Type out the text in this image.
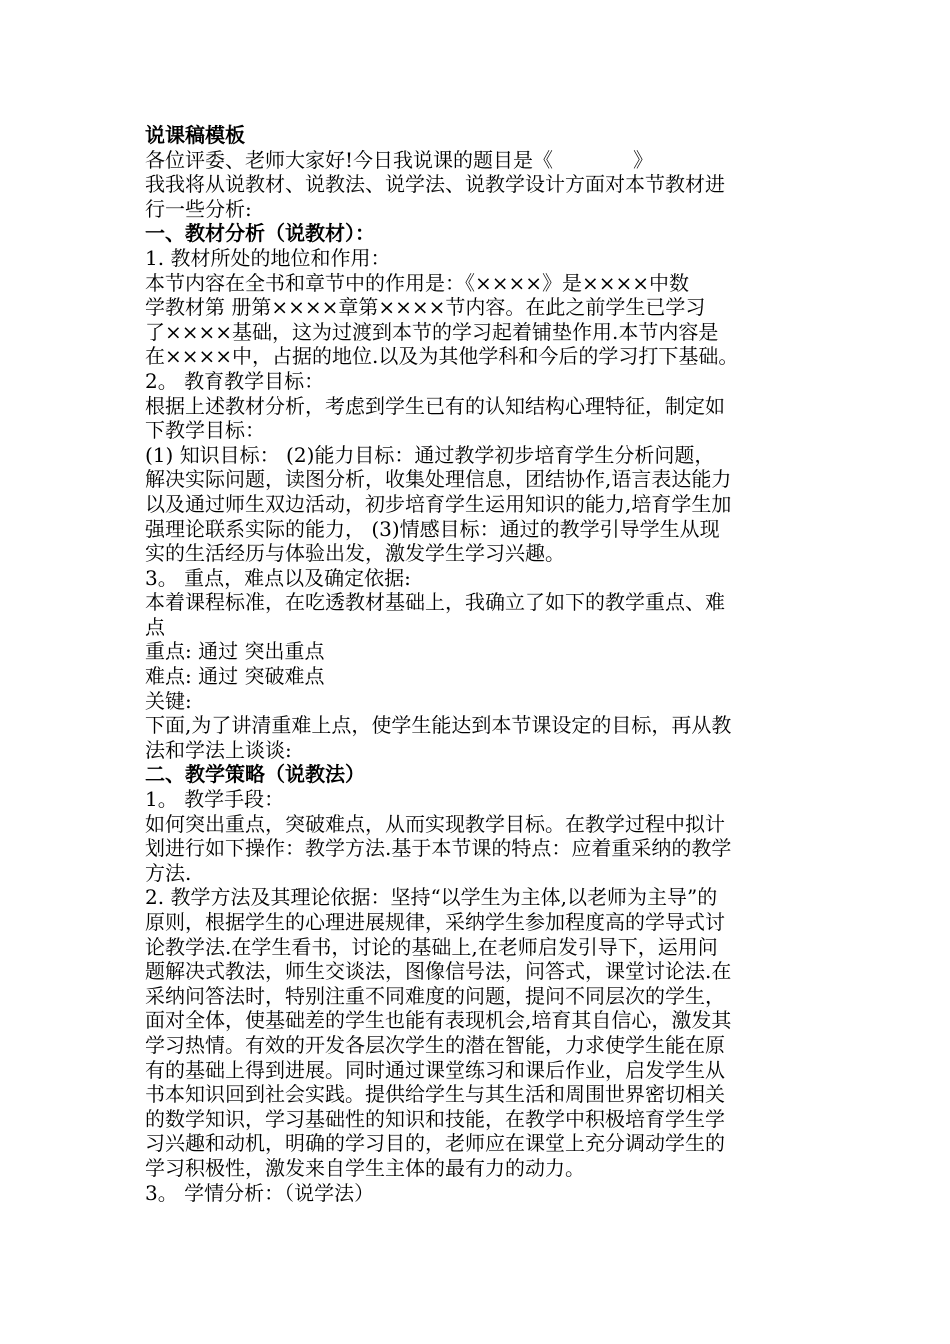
说课稿模板
各位评委、老师大家好!今日我说课的题目是《　　　　》
我我将从说教材、说教法、说学法、说教学设计方面对本节教材进
行一些分析:
一、教材分析（说教材）：
1. 教材所处的地位和作用：
本节内容在全书和章节中的作用是：《××××》是××××中数
学教材第 册第××××章第××××节内容。在此之前学生已学习
了××××基础，这为过渡到本节的学习起着铺垫作用.本节内容是
在××××中，占据的地位.以及为其他学科和今后的学习打下基础。
2。 教育教学目标：
根据上述教材分析，考虑到学生已有的认知结构心理特征，制定如
下教学目标：
(1) 知识目标： (2)能力目标：通过教学初步培育学生分析问题，
解决实际问题，读图分析，收集处理信息，团结协作,语言表达能力
以及通过师生双边活动，初步培育学生运用知识的能力,培育学生加
强理论联系实际的能力， (3)情感目标：通过的教学引导学生从现
实的生活经历与体验出发，激发学生学习兴趣。
3。 重点，难点以及确定依据:
本着课程标准，在吃透教材基础上，我确立了如下的教学重点、难
点
重点: 通过 突出重点
难点: 通过 突破难点
关键:
下面,为了讲清重难上点，使学生能达到本节课设定的目标，再从教
法和学法上谈谈:
二、教学策略（说教法）
1。 教学手段：
如何突出重点，突破难点，从而实现教学目标。在教学过程中拟计
划进行如下操作：教学方法.基于本节课的特点：应着重采纳的教学
方法.
2. 教学方法及其理论依据：坚持“以学生为主体,以老师为主导”的
原则，根据学生的心理进展规律，采纳学生参加程度高的学导式讨
论教学法.在学生看书，讨论的基础上,在老师启发引导下，运用问
题解决式教法，师生交谈法，图像信号法，问答式，课堂讨论法.在
采纳问答法时，特别注重不同难度的问题，提问不同层次的学生，
面对全体，使基础差的学生也能有表现机会,培育其自信心，激发其
学习热情。有效的开发各层次学生的潜在智能，力求使学生能在原
有的基础上得到进展。同时通过课堂练习和课后作业，启发学生从
书本知识回到社会实践。提供给学生与其生活和周围世界密切相关
的数学知识，学习基础性的知识和技能，在教学中积极培育学生学
习兴趣和动机，明确的学习目的，老师应在课堂上充分调动学生的
学习积极性，激发来自学生主体的最有力的动力。
3。 学情分析：（说学法）
